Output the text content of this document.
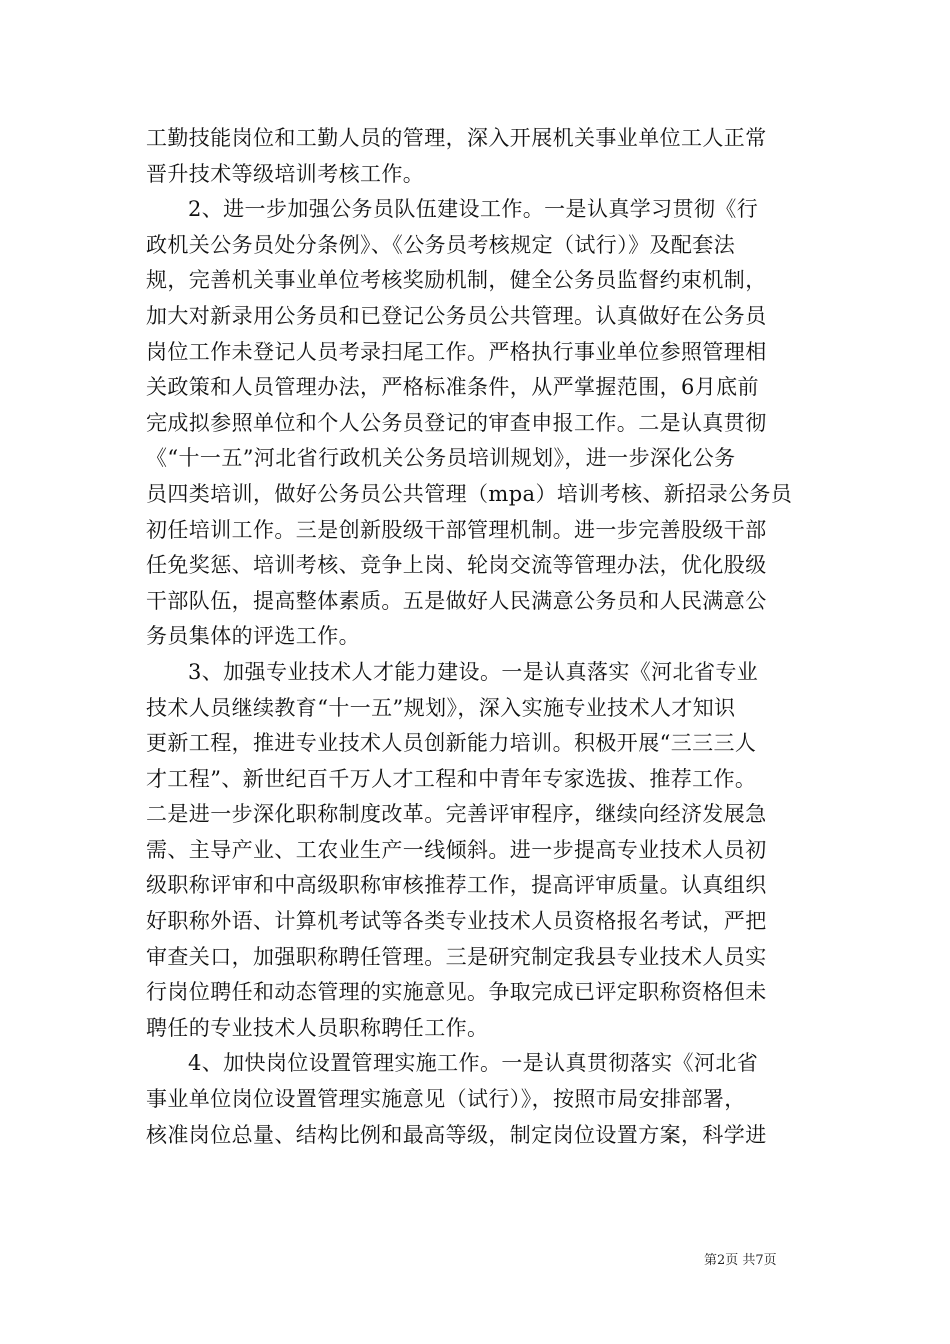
工勤技能岗位和工勤人员的管理，深入开展机关事业单位工人正常
晋升技术等级培训考核工作。
2、进一步加强公务员队伍建设工作。一是认真学习贯彻《行
政机关公务员处分条例》、《公务员考核规定（试行）》及配套法
规，完善机关事业单位考核奖励机制，健全公务员监督约束机制，
加大对新录用公务员和已登记公务员公共管理。认真做好在公务员
岗位工作未登记人员考录扫尾工作。严格执行事业单位参照管理相
关政策和人员管理办法，严格标准条件，从严掌握范围，6月底前
完成拟参照单位和个人公务员登记的审查申报工作。二是认真贯彻
《“十一五”河北省行政机关公务员培训规划》，进一步深化公务
员四类培训，做好公务员公共管理（mpa）培训考核、新招录公务员
初任培训工作。三是创新股级干部管理机制。进一步完善股级干部
任免奖惩、培训考核、竞争上岗、轮岗交流等管理办法，优化股级
干部队伍，提高整体素质。五是做好人民满意公务员和人民满意公
务员集体的评选工作。
3、加强专业技术人才能力建设。一是认真落实《河北省专业
技术人员继续教育“十一五”规划》，深入实施专业技术人才知识
更新工程，推进专业技术人员创新能力培训。积极开展“三三三人
才工程”、新世纪百千万人才工程和中青年专家选拔、推荐工作。
二是进一步深化职称制度改革。完善评审程序，继续向经济发展急
需、主导产业、工农业生产一线倾斜。进一步提高专业技术人员初
级职称评审和中高级职称审核推荐工作，提高评审质量。认真组织
好职称外语、计算机考试等各类专业技术人员资格报名考试，严把
审查关口，加强职称聘任管理。三是研究制定我县专业技术人员实
行岗位聘任和动态管理的实施意见。争取完成已评定职称资格但未
聘任的专业技术人员职称聘任工作。
4、加快岗位设置管理实施工作。一是认真贯彻落实《河北省
事业单位岗位设置管理实施意见（试行）》，按照市局安排部署，
核准岗位总量、结构比例和最高等级，制定岗位设置方案，科学进
第2页 共7页
